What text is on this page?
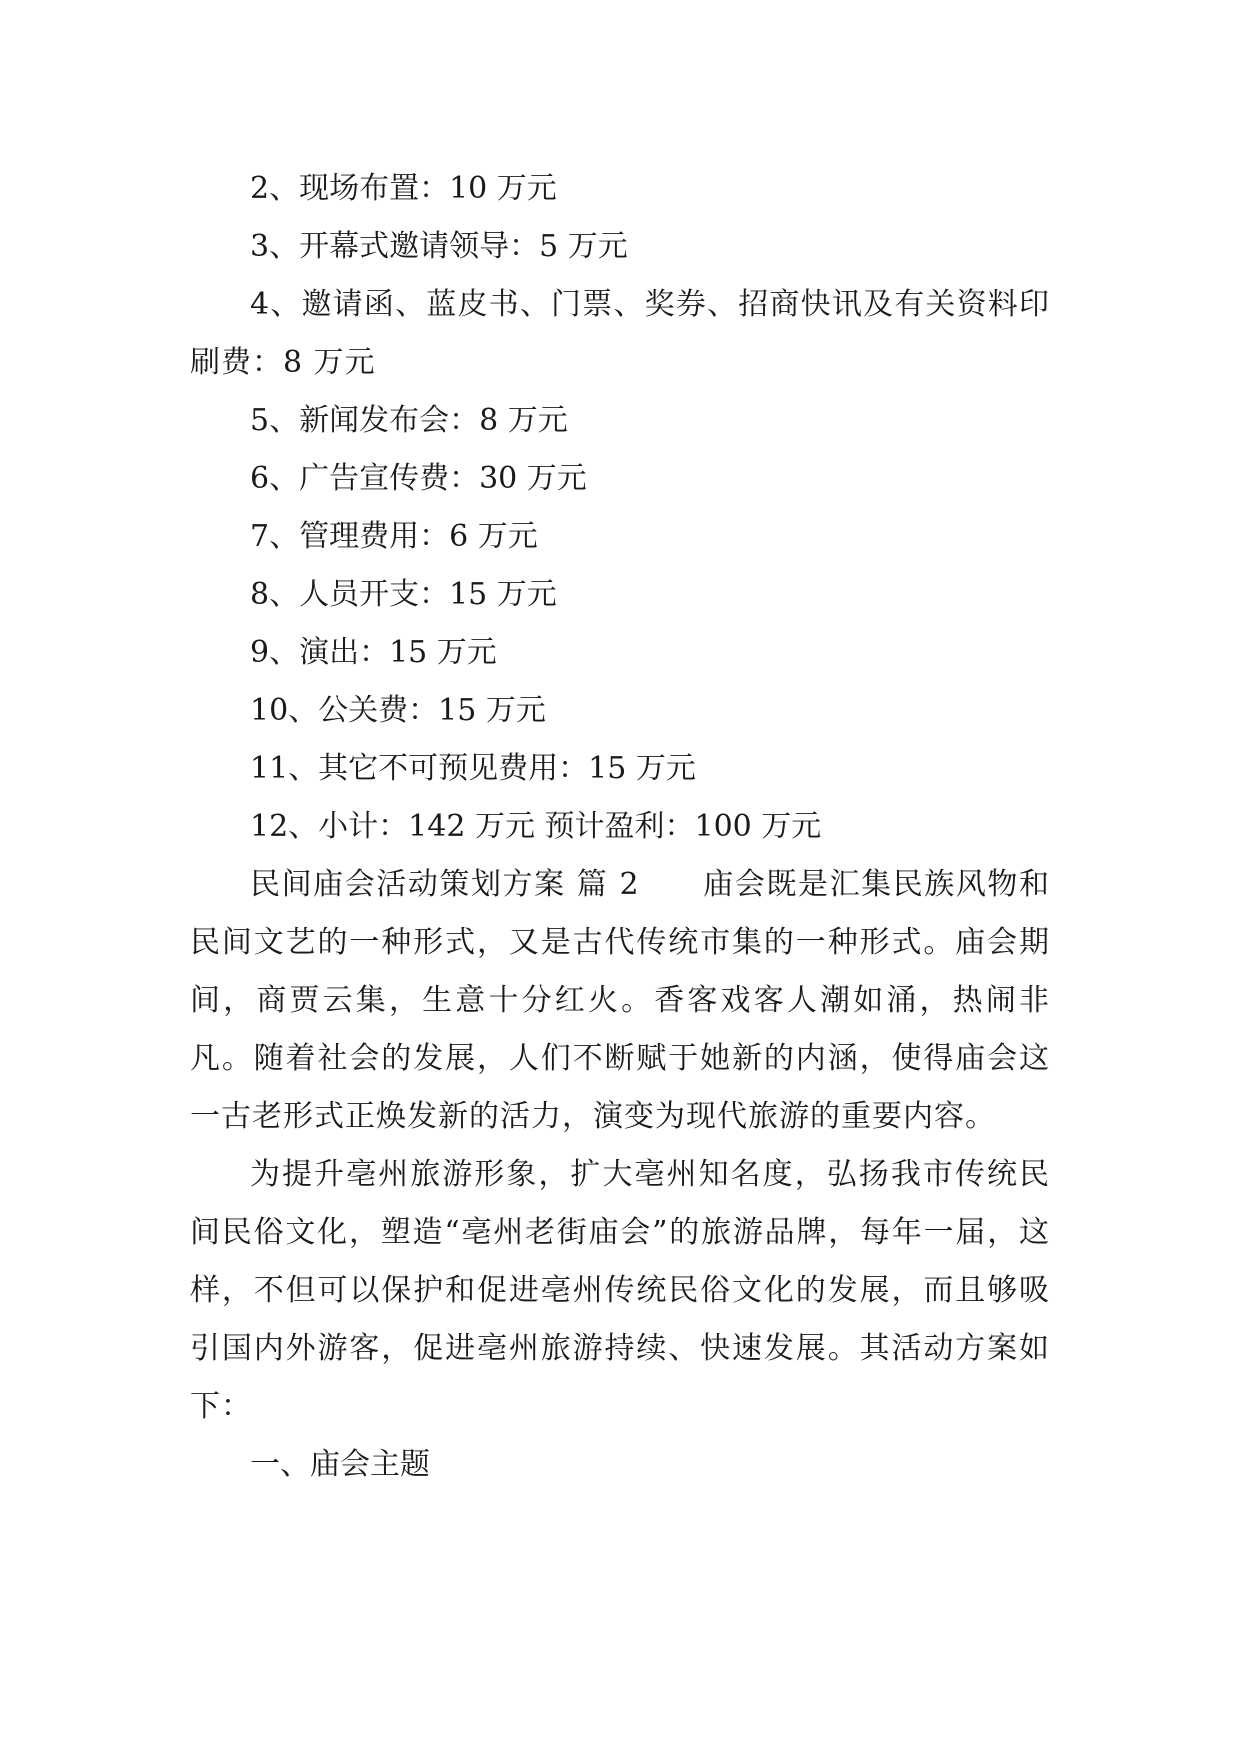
2、现场布置：10 万元

3、开幕式邀请领导：5 万元

4、邀请函、蓝皮书、门票、奖券、招商快讯及有关资料印刷费：8 万元

5、新闻发布会：8 万元

6、广告宣传费：30 万元

7、管理费用：6 万元

8、人员开支：15 万元

9、演出：15 万元

10、公关费：15 万元

11、其它不可预见费用：15 万元

12、小计：142 万元 预计盈利：100 万元

民间庙会活动策划方案 篇 2　　庙会既是汇集民族风物和民间文艺的一种形式，又是古代传统市集的一种形式。庙会期间，商贾云集，生意十分红火。香客戏客人潮如涌，热闹非凡。随着社会的发展，人们不断赋于她新的内涵，使得庙会这一古老形式正焕发新的活力，演变为现代旅游的重要内容。

为提升亳州旅游形象，扩大亳州知名度，弘扬我市传统民间民俗文化，塑造“亳州老街庙会”的旅游品牌，每年一届，这样，不但可以保护和促进亳州传统民俗文化的发展，而且够吸引国内外游客，促进亳州旅游持续、快速发展。其活动方案如下：

一、庙会主题
